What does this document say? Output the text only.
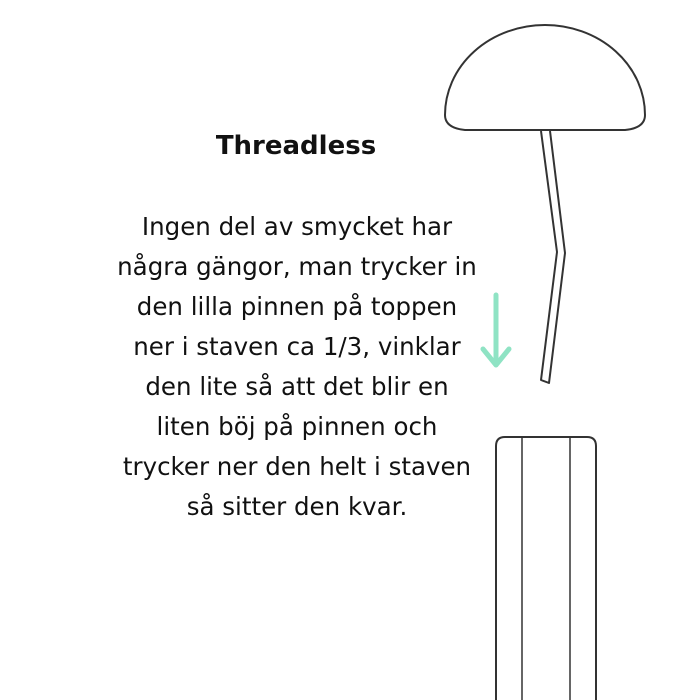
Threadless

Ingen del av smycket har
några gängor, man trycker in
den lilla pinnen på toppen
ner i staven ca 1/3, vinklar
den lite så att det blir en
liten böj på pinnen och
trycker ner den helt i staven
så sitter den kvar.
